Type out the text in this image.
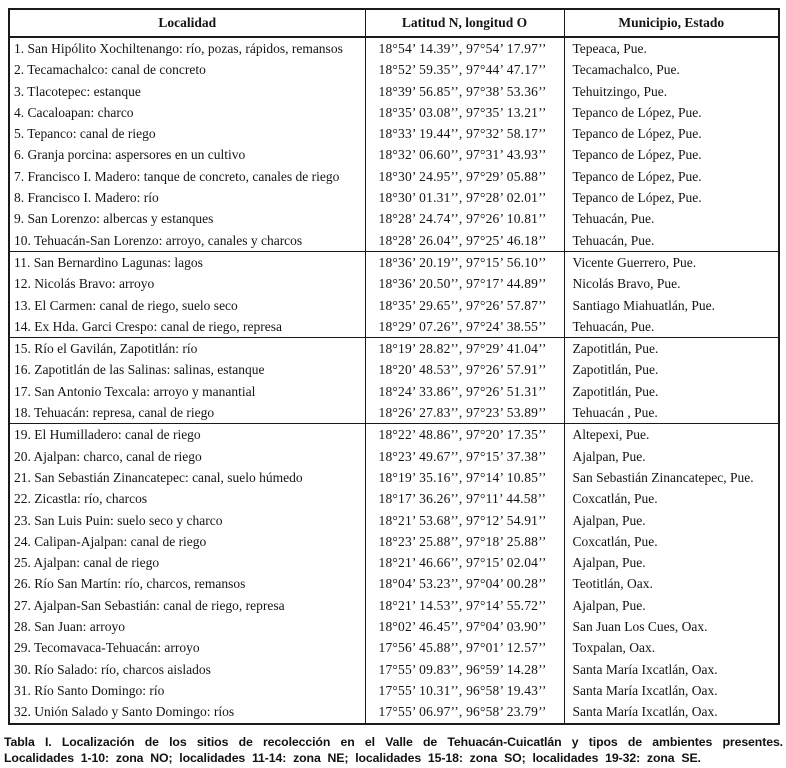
Localidad	Latitud N, longitud O	Municipio, Estado
1. San Hipólito Xochiltenango: río, pozas, rápidos, remansos	18°54’ 14.39’’, 97°54’ 17.97’’	Tepeaca, Pue.
2. Tecamachalco: canal de concreto	18°52’ 59.35’’, 97°44’ 47.17’’	Tecamachalco, Pue.
3. Tlacotepec: estanque	18°39’ 56.85’’, 97°38’ 53.36’’	Tehuitzingo, Pue.
4. Cacaloapan: charco	18°35’ 03.08’’, 97°35’ 13.21’’	Tepanco de López, Pue.
5. Tepanco: canal de riego	18°33’ 19.44’’, 97°32’ 58.17’’	Tepanco de López, Pue.
6. Granja porcina: aspersores en un cultivo	18°32’ 06.60’’, 97°31’ 43.93’’	Tepanco de López, Pue.
7. Francisco I. Madero: tanque de concreto, canales de riego	18°30’ 24.95’’, 97°29’ 05.88’’	Tepanco de López, Pue.
8. Francisco I. Madero: río	18°30’ 01.31’’, 97°28’ 02.01’’	Tepanco de López, Pue.
9. San Lorenzo: albercas y estanques	18°28’ 24.74’’, 97°26’ 10.81’’	Tehuacán, Pue.
10. Tehuacán-San Lorenzo: arroyo, canales y charcos	18°28’ 26.04’’, 97°25’ 46.18’’	Tehuacán, Pue.
11. San Bernardino Lagunas: lagos	18°36’ 20.19’’, 97°15’ 56.10’’	Vicente Guerrero, Pue.
12. Nicolás Bravo: arroyo	18°36’ 20.50’’, 97°17’ 44.89’’	Nicolás Bravo, Pue.
13. El Carmen: canal de riego, suelo seco	18°35’ 29.65’’, 97°26’ 57.87’’	Santiago Miahuatlán, Pue.
14. Ex Hda. Garci Crespo: canal de riego, represa	18°29’ 07.26’’, 97°24’ 38.55’’	Tehuacán, Pue.
15. Río el Gavilán, Zapotitlán: río	18°19’ 28.82’’, 97°29’ 41.04’’	Zapotitlán, Pue.
16. Zapotitlán de las Salinas: salinas, estanque	18°20’ 48.53’’, 97°26’ 57.91’’	Zapotitlán, Pue.
17. San Antonio Texcala: arroyo y manantial	18°24’ 33.86’’, 97°26’ 51.31’’	Zapotitlán, Pue.
18. Tehuacán: represa, canal de riego	18°26’ 27.83’’, 97°23’ 53.89’’	Tehuacán , Pue.
19. El Humilladero: canal de riego	18°22’ 48.86’’, 97°20’ 17.35’’	Altepexi, Pue.
20. Ajalpan: charco, canal de riego	18°23’ 49.67’’, 97°15’ 37.38’’	Ajalpan, Pue.
21. San Sebastián Zinancatepec: canal, suelo húmedo	18°19’ 35.16’’, 97°14’ 10.85’’	San Sebastián Zinancatepec, Pue.
22. Zicastla: río, charcos	18°17’ 36.26’’, 97°11’ 44.58’’	Coxcatlán, Pue.
23. San Luis Puin: suelo seco y charco	18°21’ 53.68’’, 97°12’ 54.91’’	Ajalpan, Pue.
24. Calipan-Ajalpan: canal de riego	18°23’ 25.88’’, 97°18’ 25.88’’	Coxcatlán, Pue.
25. Ajalpan: canal de riego	18°21’ 46.66’’, 97°15’ 02.04’’	Ajalpan, Pue.
26. Río San Martín: río, charcos, remansos	18°04’ 53.23’’, 97°04’ 00.28’’	Teotitlán, Oax.
27. Ajalpan-San Sebastián: canal de riego, represa	18°21’ 14.53’’, 97°14’ 55.72’’	Ajalpan, Pue.
28. San Juan: arroyo	18°02’ 46.45’’, 97°04’ 03.90’’	San Juan Los Cues, Oax.
29. Tecomavaca-Tehuacán: arroyo	17°56’ 45.88’’, 97°01’ 12.57’’	Toxpalan, Oax.
30. Río Salado: río, charcos aislados	17°55’ 09.83’’, 96°59’ 14.28’’	Santa María Ixcatlán, Oax.
31. Río Santo Domingo: río	17°55’ 10.31’’, 96°58’ 19.43’’	Santa María Ixcatlán, Oax.
32. Unión Salado y Santo Domingo: ríos	17°55’ 06.97’’, 96°58’ 23.79’’	Santa María Ixcatlán, Oax.
Tabla I. Localización de los sitios de recolección en el Valle de Tehuacán-Cuicatlán y tipos de ambientes presentes.
Localidades 1-10: zona NO; localidades 11-14: zona NE; localidades 15-18: zona SO; localidades 19-32: zona SE.
